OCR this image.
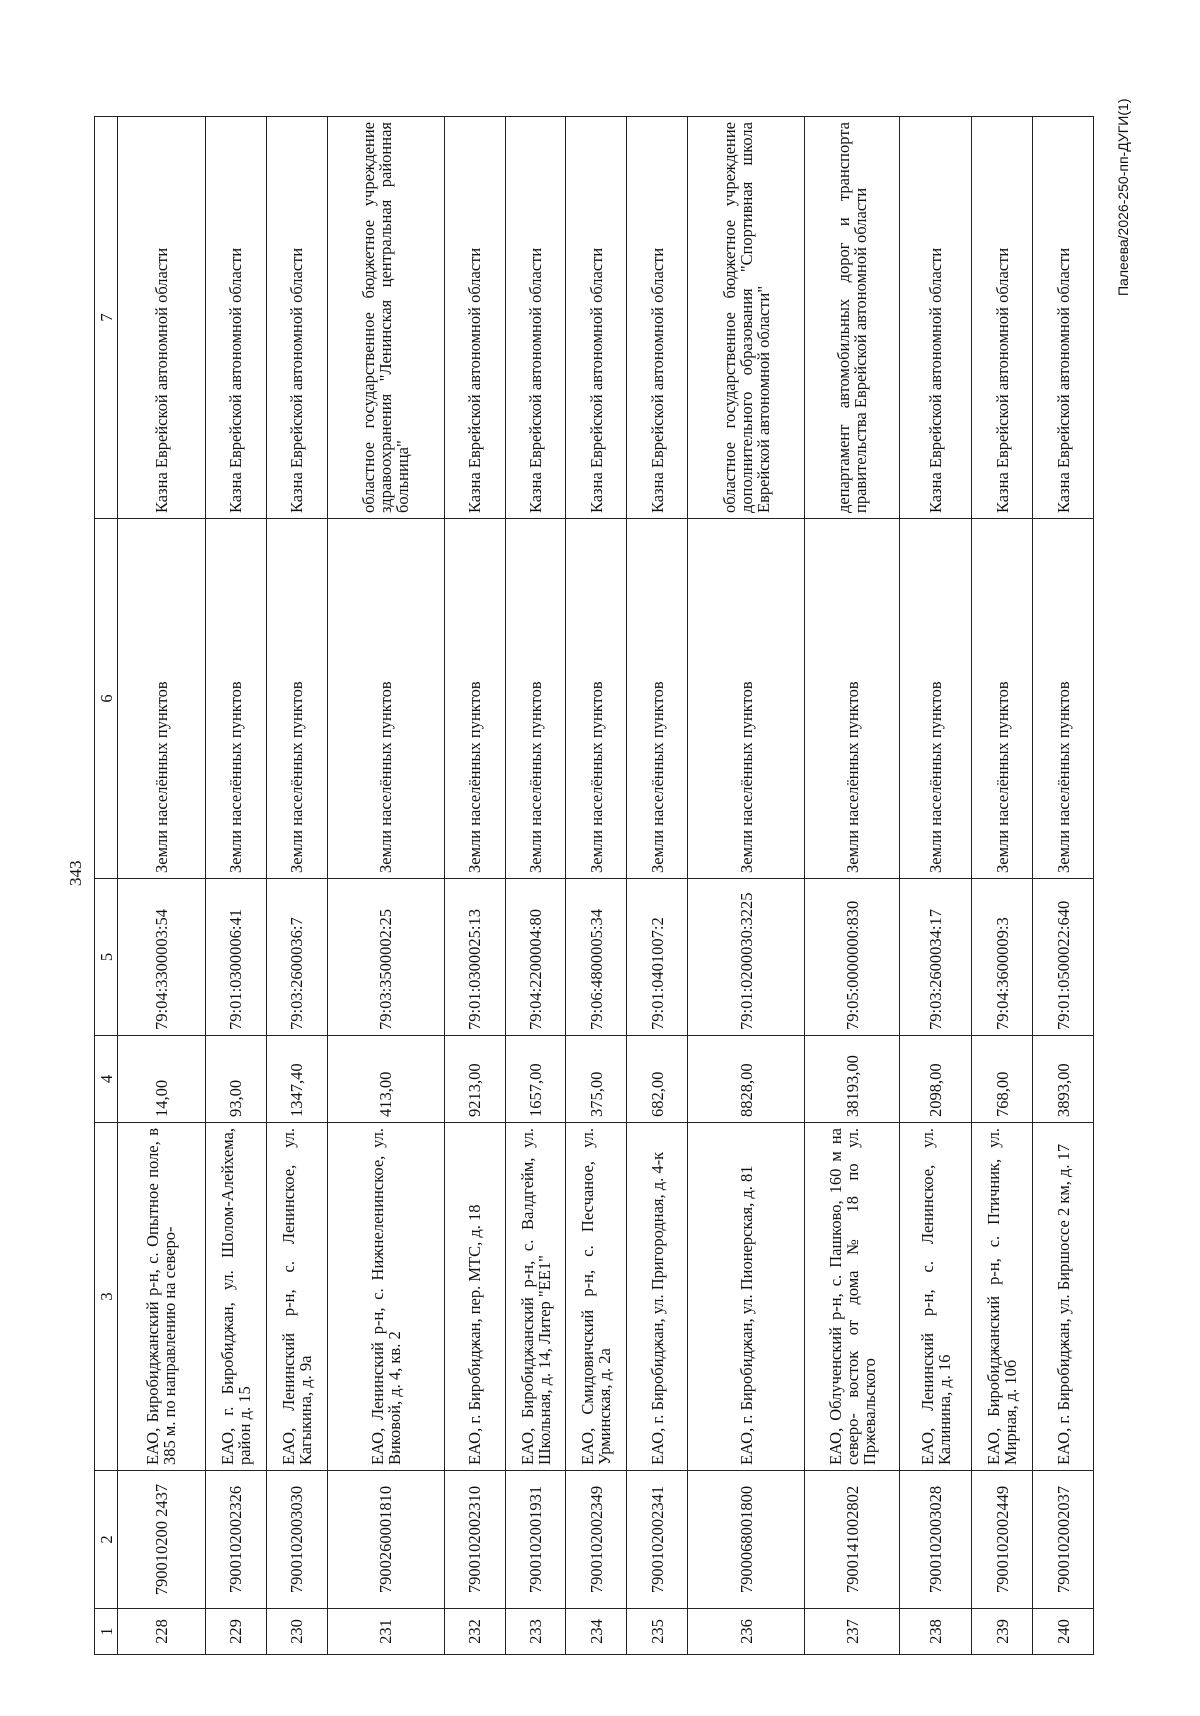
343
1	2	3	4	5	6	7
228	790010200 2437	ЕАО, Биробиджанский р-н, с. Опытное поле, в 385 м. по направлению на северо-	14,00	79:04:3300003:54	Земли населённых пунктов	Казна Еврейской автономной области
229	7900102002326	ЕАО, г. Биробиджан, ул. Шолом-Алейхема, район д. 15	93,00	79:01:0300006:41	Земли населённых пунктов	Казна Еврейской автономной области
230	7900102003030	ЕАО, Ленинский р-н, с. Ленинское, ул. Кагыкина, д. 9а	1347,40	79:03:2600036:7	Земли населённых пунктов	Казна Еврейской автономной области
231	7900260001810	ЕАО, Ленинский р-н, с. Нижнеленинское, ул. Виковой, д. 4, кв. 2	413,00	79:03:3500002:25	Земли населённых пунктов	областное государственное бюджетное учреждение здравоохранения "Ленинская центральная районная больница"
232	7900102002310	ЕАО, г. Биробиджан, пер. МТС, д. 18	9213,00	79:01:0300025:13	Земли населённых пунктов	Казна Еврейской автономной области
233	7900102001931	ЕАО, Биробиджанский р-н, с. Валдгейм, ул. Школьная, д. 14, Литер "ЕЕ1"	1657,00	79:04:2200004:80	Земли населённых пунктов	Казна Еврейской автономной области
234	7900102002349	ЕАО, Смидовичский р-н, с. Песчаное, ул. Урминская, д. 2а	375,00	79:06:4800005:34	Земли населённых пунктов	Казна Еврейской автономной области
235	7900102002341	ЕАО, г. Биробиджан, ул. Пригородная, д. 4-к	682,00	79:01:0401007:2	Земли населённых пунктов	Казна Еврейской автономной области
236	7900068001800	ЕАО, г. Биробиджан, ул. Пионерская, д. 81	8828,00	79:01:0200030:3225	Земли населённых пунктов	областное государственное бюджетное учреждение дополнительного образования "Спортивная школа Еврейской автономной области"
237	7900141002802	ЕАО, Облученский р-н, с. Пашково, 160 м на северо- восток от дома № 18 по ул. Пржевальского	38193,00	79:05:0000000:830	Земли населённых пунктов	департамент автомобильных дорог и транспорта правительства Еврейской автономной области
238	7900102003028	ЕАО, Ленинский р-н, с. Ленинское, ул. Калинина, д. 16	2098,00	79:03:2600034:17	Земли населённых пунктов	Казна Еврейской автономной области
239	7900102002449	ЕАО, Биробиджанский р-н, с. Птичник, ул. Мирная, д. 10б	768,00	79:04:3600009:3	Земли населённых пунктов	Казна Еврейской автономной области
240	7900102002037	ЕАО, г. Биробиджан, ул. Биршоссе 2 км, д. 17	3893,00	79:01:0500022:640	Земли населённых пунктов	Казна Еврейской автономной области
Палеева/2026-250-пп-ДУГИ(1)
